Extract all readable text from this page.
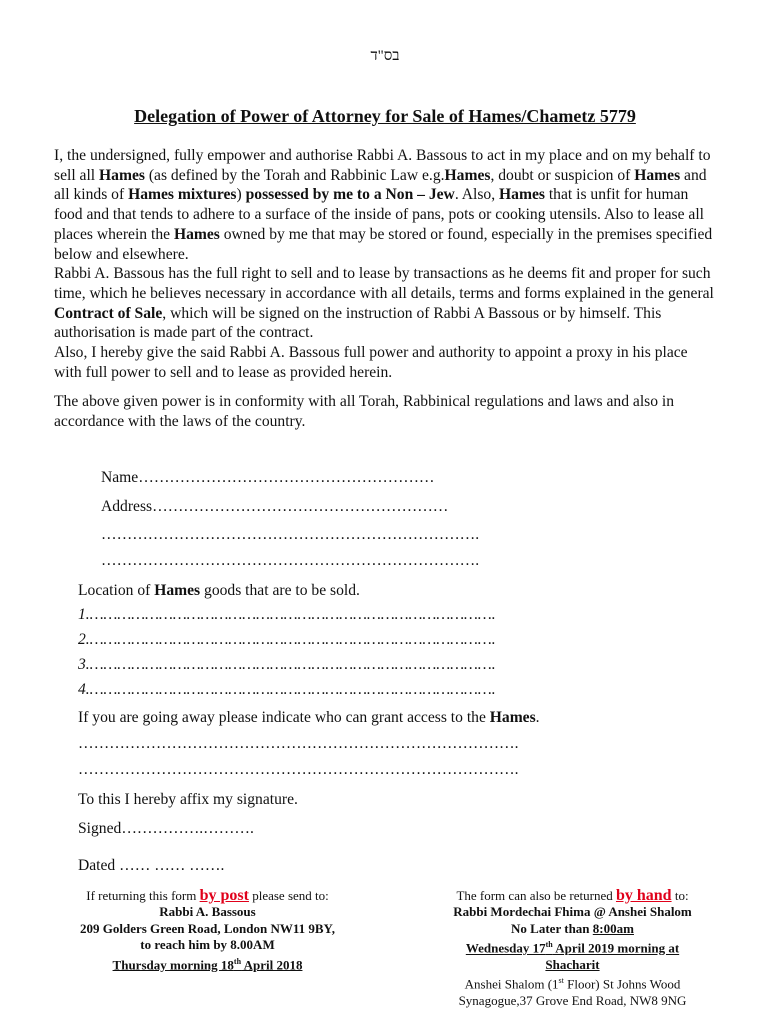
בס"ד
Delegation of Power of Attorney for Sale of Hames/Chametz 5779

I, the undersigned, fully empower and authorise Rabbi A. Bassous to act in my place and on my behalf to sell all Hames (as defined by the Torah and Rabbinic Law e.g.Hames, doubt or suspicion of Hames and all kinds of Hames mixtures) possessed by me to a Non – Jew. Also, Hames that is unfit for human food and that tends to adhere to a surface of the inside of pans, pots or cooking utensils. Also to lease all places wherein the Hames owned by me that may be stored or found, especially in the premises specified below and elsewhere.

Rabbi A. Bassous has the full right to sell and to lease by transactions as he deems fit and proper for such time, which he believes necessary in accordance with all details, terms and forms explained in the general Contract of Sale, which will be signed on the instruction of Rabbi A Bassous or by himself. This authorisation is made part of the contract.

Also, I hereby give the said Rabbi A. Bassous full power and authority to appoint a proxy in his place with full power to sell and to lease as provided herein.

The above given power is in conformity with all Torah, Rabbinical regulations and laws and also in accordance with the laws of the country.

Name…………………………………………………
Address…………………………………………………
……………………………………………………………….
……………………………………………………………….
Location of Hames goods that are to be sold.
1.…………………………………………………………………………….
2.…………………………………………………………………………….
3.…………………………………………………………………………….
4.…………………………………………………………………………….
If you are going away please indicate who can grant access to the Hames.
………………………………………………………………………….
………………………………………………………………………….
To this I hereby affix my signature.
Signed…………….……….
Dated …… …… …….
If returning this form by post please send to:
Rabbi A. Bassous
209 Golders Green Road, London NW11 9BY,
to reach him by 8.00AM
Thursday morning 18th April 2018
The form can also be returned by hand to:
Rabbi Mordechai Fhima @ Anshei Shalom
No Later than 8:00am
Wednesday 17th April 2019 morning at
Shacharit
Anshei Shalom (1st Floor) St Johns Wood
Synagogue,37 Grove End Road, NW8 9NG
